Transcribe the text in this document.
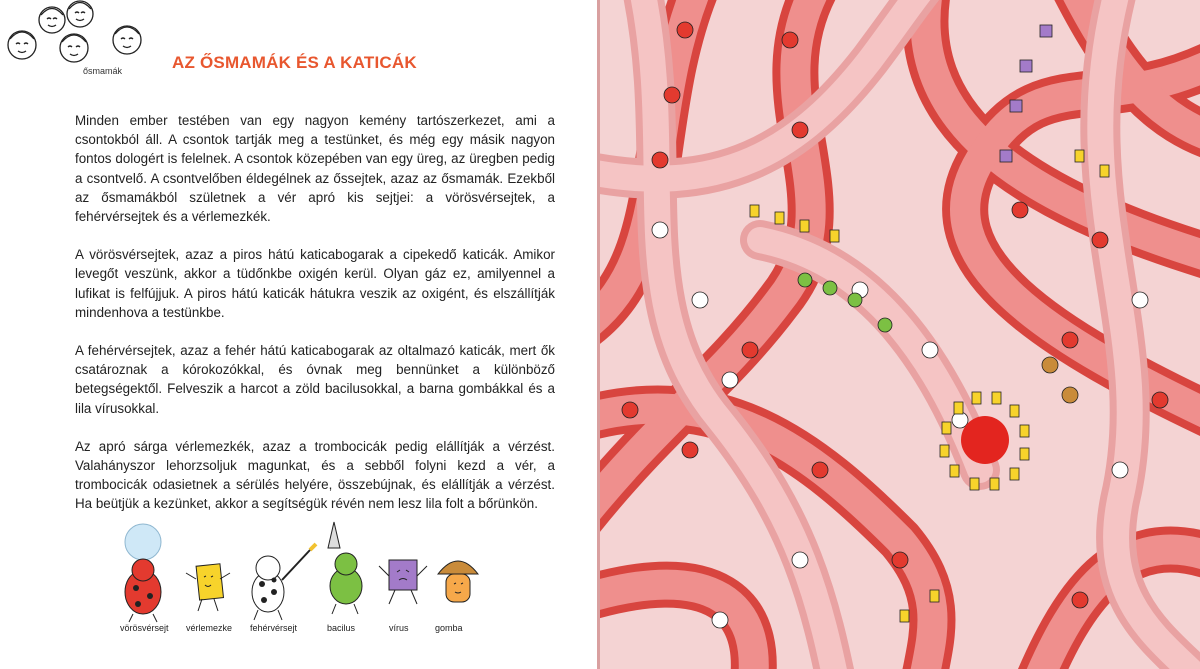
ősmamák	AZ ŐSMAMÁK ÉS A KATICÁK

Minden ember testében van egy nagyon kemény tartószerkezet, ami a csontokból áll. A csontok tartják meg a testünket, és még egy másik nagyon fontos dologért is felelnek. A csontok közepében van egy üreg, az üregben pedig a csontvelő. A csontvelőben éldegélnek az őssejtek, azaz az ősmamák. Ezekből az ősmamákból születnek a vér apró kis sejtjei: a vörösvérsejtek, a fehérvérsejtek és a vérlemezkék.

A vörösvérsejtek, azaz a piros hátú katicabogarak a cipekedő katicák. Amikor levegőt veszünk, akkor a tüdőnkbe oxigén kerül. Olyan gáz ez, amilyennel a lufikat is felfújjuk. A piros hátú katicák hátukra veszik az oxigént, és elszállítják mindenhova a testünkbe.

A fehérvérsejtek, azaz a fehér hátú katicabogarak az oltalmazó katicák, mert ők csatároznak a kórokozókkal, és óvnak meg bennünket a különböző betegségektől. Felveszik a harcot a zöld bacilusokkal, a barna gombákkal és a lila vírusokkal.

Az apró sárga vérlemezkék, azaz a trombocicák pedig elállítják a vérzést. Valahányszor lehorzsoljuk magunkat, és a sebből folyni kezd a vér, a trombocicák odasietnek a sérülés helyére, összebújnak, és elállítják a vérzést. Ha beütjük a kezünket, akkor a segítségük révén nem lesz lila folt a bőrünkön.

vörösvérsejt vérlemezke fehérvérsejt	bacilus	vírus	gomba
